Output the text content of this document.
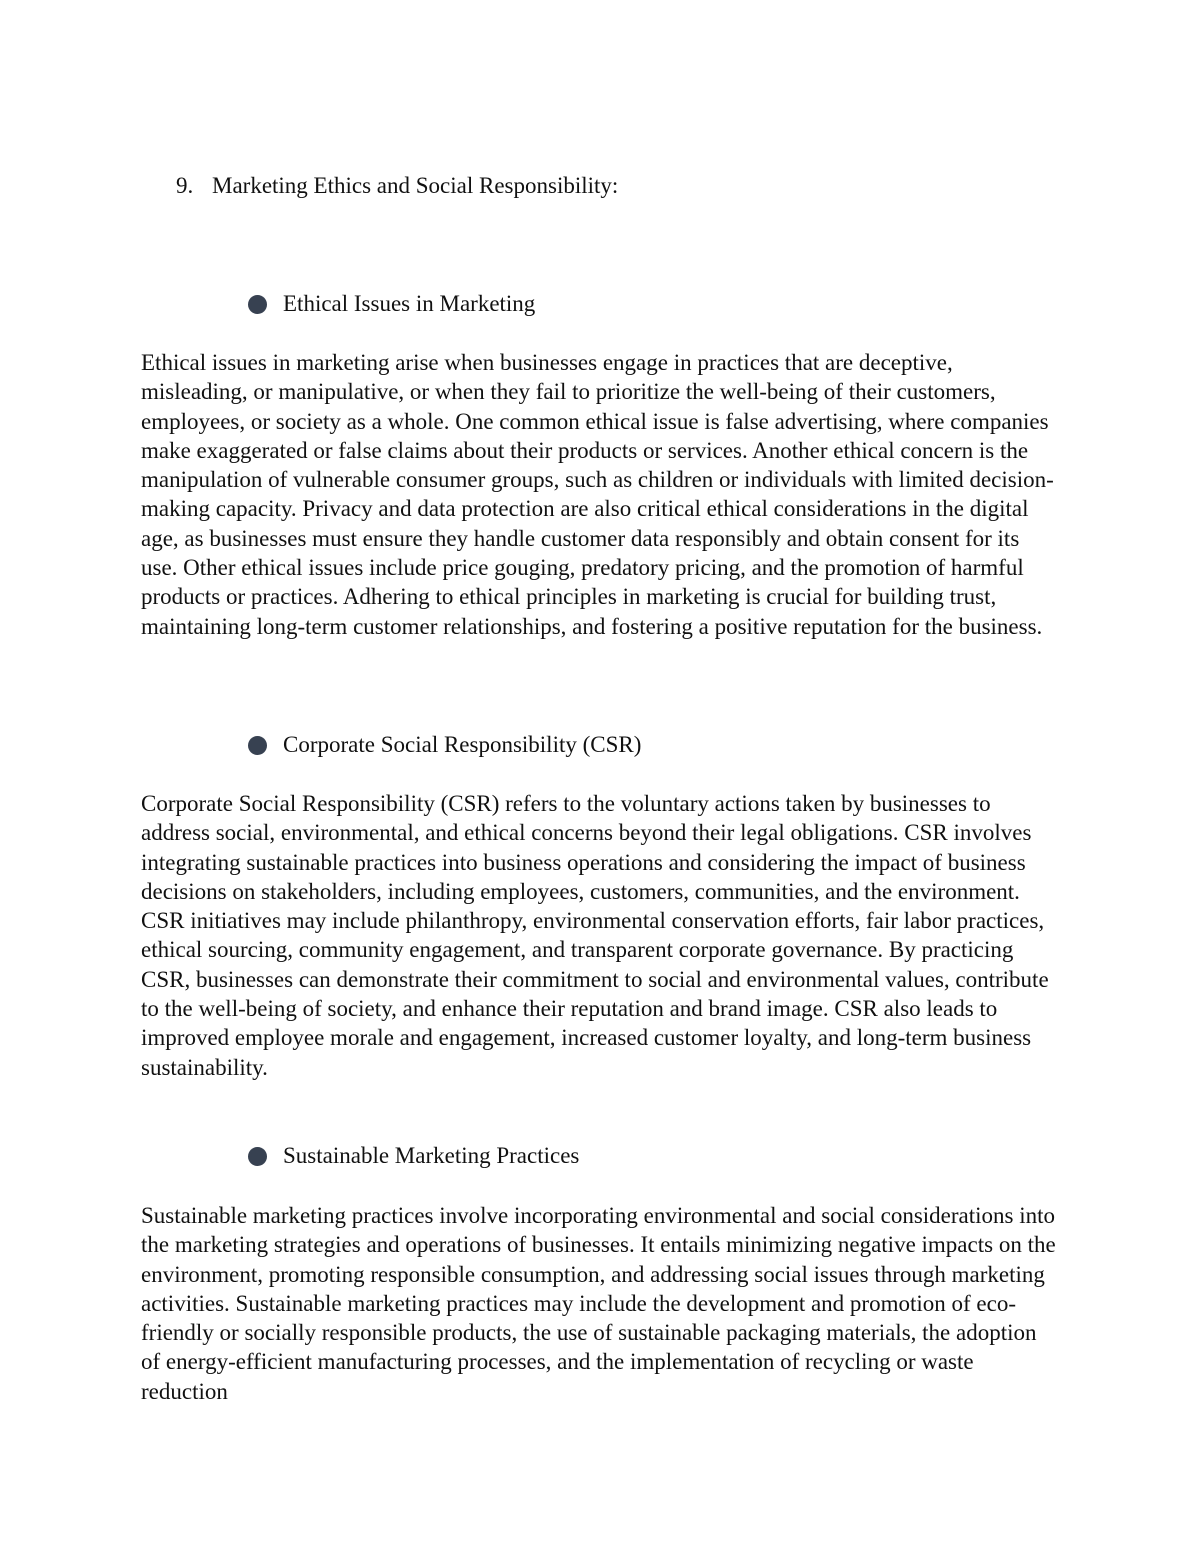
9. Marketing Ethics and Social Responsibility:
Ethical Issues in Marketing

Ethical issues in marketing arise when businesses engage in practices that are deceptive, misleading, or manipulative, or when they fail to prioritize the well-being of their customers, employees, or society as a whole. One common ethical issue is false advertising, where companies make exaggerated or false claims about their products or services. Another ethical concern is the manipulation of vulnerable consumer groups, such as children or individuals with limited decision-making capacity. Privacy and data protection are also critical ethical considerations in the digital age, as businesses must ensure they handle customer data responsibly and obtain consent for its use. Other ethical issues include price gouging, predatory pricing, and the promotion of harmful products or practices. Adhering to ethical principles in marketing is crucial for building trust, maintaining long-term customer relationships, and fostering a positive reputation for the business.

Corporate Social Responsibility (CSR)

Corporate Social Responsibility (CSR) refers to the voluntary actions taken by businesses to address social, environmental, and ethical concerns beyond their legal obligations. CSR involves integrating sustainable practices into business operations and considering the impact of business decisions on stakeholders, including employees, customers, communities, and the environment. CSR initiatives may include philanthropy, environmental conservation efforts, fair labor practices, ethical sourcing, community engagement, and transparent corporate governance. By practicing CSR, businesses can demonstrate their commitment to social and environmental values, contribute to the well-being of society, and enhance their reputation and brand image. CSR also leads to improved employee morale and engagement, increased customer loyalty, and long-term business sustainability.

Sustainable Marketing Practices

Sustainable marketing practices involve incorporating environmental and social considerations into the marketing strategies and operations of businesses. It entails minimizing negative impacts on the environment, promoting responsible consumption, and addressing social issues through marketing activities. Sustainable marketing practices may include the development and promotion of eco-friendly or socially responsible products, the use of sustainable packaging materials, the adoption of energy-efficient manufacturing processes, and the implementation of recycling or waste reduction
